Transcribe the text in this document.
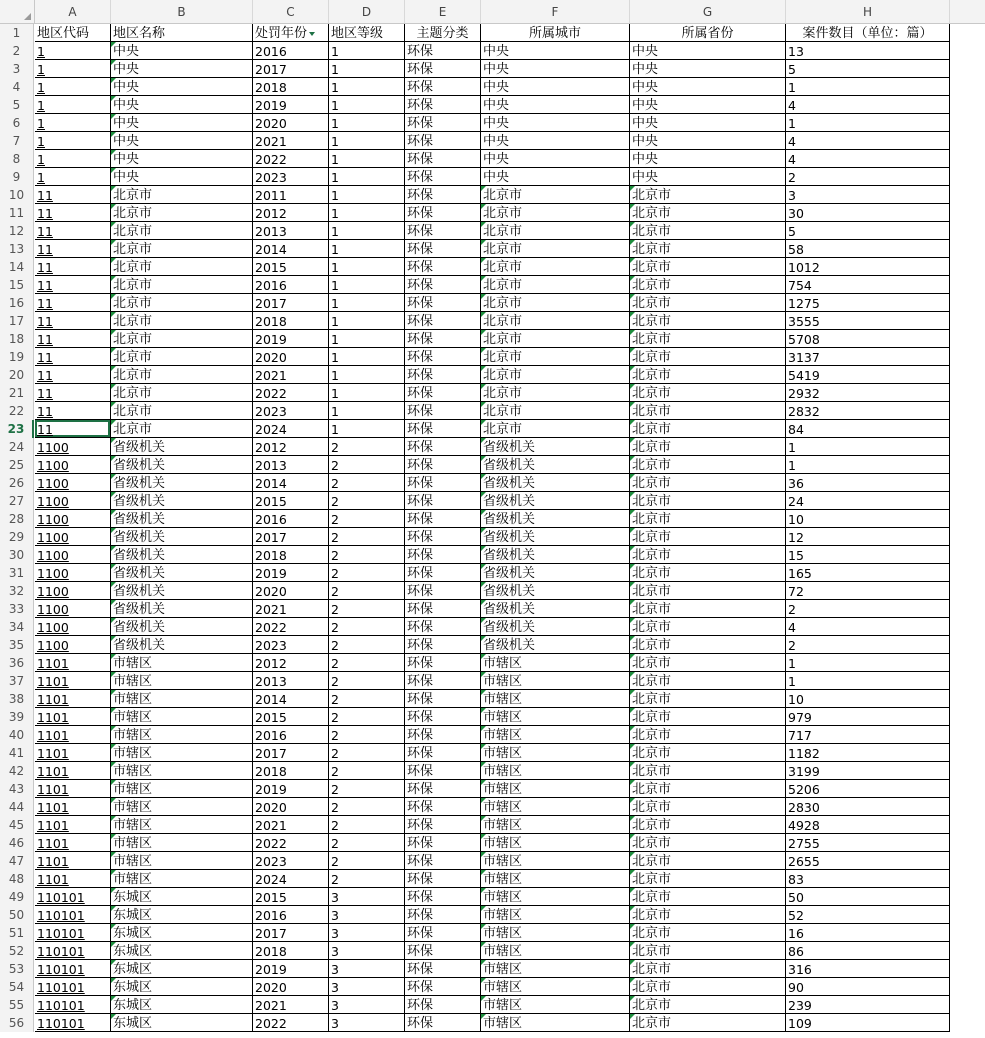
A	B	C	D	E	F	G	H
1	地区代码	地区名称	处罚年份	地区等级	主题分类	所属城市	所属省份	案件数目（单位：篇）
2	1	中央	2016	1	环保	中央	中央	13
3	1	中央	2017	1	环保	中央	中央	5
4	1	中央	2018	1	环保	中央	中央	1
5	1	中央	2019	1	环保	中央	中央	4
6	1	中央	2020	1	环保	中央	中央	1
7	1	中央	2021	1	环保	中央	中央	4
8	1	中央	2022	1	环保	中央	中央	4
9	1	中央	2023	1	环保	中央	中央	2
10	11	北京市	2011	1	环保	北京市	北京市	3
11	11	北京市	2012	1	环保	北京市	北京市	30
12	11	北京市	2013	1	环保	北京市	北京市	5
13	11	北京市	2014	1	环保	北京市	北京市	58
14	11	北京市	2015	1	环保	北京市	北京市	1012
15	11	北京市	2016	1	环保	北京市	北京市	754
16	11	北京市	2017	1	环保	北京市	北京市	1275
17	11	北京市	2018	1	环保	北京市	北京市	3555
18	11	北京市	2019	1	环保	北京市	北京市	5708
19	11	北京市	2020	1	环保	北京市	北京市	3137
20	11	北京市	2021	1	环保	北京市	北京市	5419
21	11	北京市	2022	1	环保	北京市	北京市	2932
22	11	北京市	2023	1	环保	北京市	北京市	2832
23	11	北京市	2024	1	环保	北京市	北京市	84
24	1100	省级机关	2012	2	环保	省级机关	北京市	1
25	1100	省级机关	2013	2	环保	省级机关	北京市	1
26	1100	省级机关	2014	2	环保	省级机关	北京市	36
27	1100	省级机关	2015	2	环保	省级机关	北京市	24
28	1100	省级机关	2016	2	环保	省级机关	北京市	10
29	1100	省级机关	2017	2	环保	省级机关	北京市	12
30	1100	省级机关	2018	2	环保	省级机关	北京市	15
31	1100	省级机关	2019	2	环保	省级机关	北京市	165
32	1100	省级机关	2020	2	环保	省级机关	北京市	72
33	1100	省级机关	2021	2	环保	省级机关	北京市	2
34	1100	省级机关	2022	2	环保	省级机关	北京市	4
35	1100	省级机关	2023	2	环保	省级机关	北京市	2
36	1101	市辖区	2012	2	环保	市辖区	北京市	1
37	1101	市辖区	2013	2	环保	市辖区	北京市	1
38	1101	市辖区	2014	2	环保	市辖区	北京市	10
39	1101	市辖区	2015	2	环保	市辖区	北京市	979
40	1101	市辖区	2016	2	环保	市辖区	北京市	717
41	1101	市辖区	2017	2	环保	市辖区	北京市	1182
42	1101	市辖区	2018	2	环保	市辖区	北京市	3199
43	1101	市辖区	2019	2	环保	市辖区	北京市	5206
44	1101	市辖区	2020	2	环保	市辖区	北京市	2830
45	1101	市辖区	2021	2	环保	市辖区	北京市	4928
46	1101	市辖区	2022	2	环保	市辖区	北京市	2755
47	1101	市辖区	2023	2	环保	市辖区	北京市	2655
48	1101	市辖区	2024	2	环保	市辖区	北京市	83
49	110101	东城区	2015	3	环保	市辖区	北京市	50
50	110101	东城区	2016	3	环保	市辖区	北京市	52
51	110101	东城区	2017	3	环保	市辖区	北京市	16
52	110101	东城区	2018	3	环保	市辖区	北京市	86
53	110101	东城区	2019	3	环保	市辖区	北京市	316
54	110101	东城区	2020	3	环保	市辖区	北京市	90
55	110101	东城区	2021	3	环保	市辖区	北京市	239
56	110101	东城区	2022	3	环保	市辖区	北京市	109
